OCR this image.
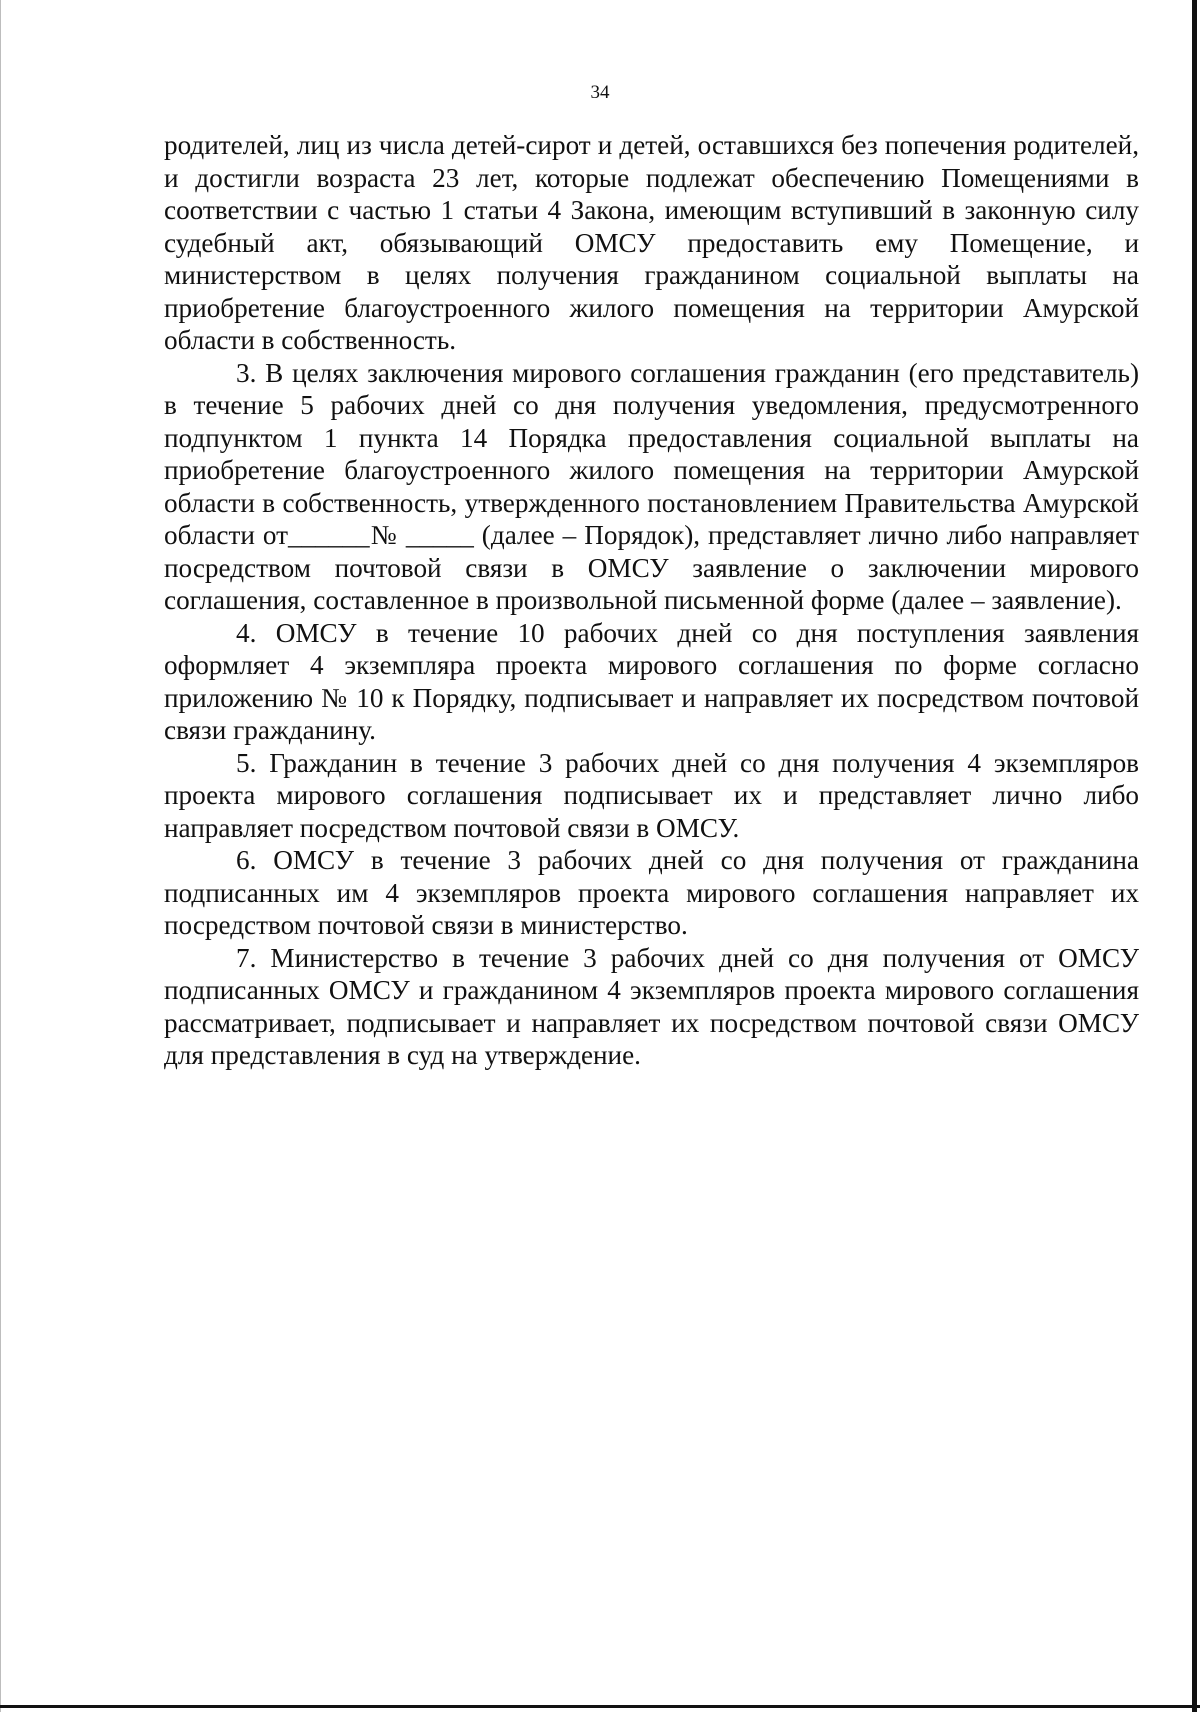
34

родителей, лиц из числа детей-сирот и детей, оставшихся без попечения родителей, и достигли возраста 23 лет, которые подлежат обеспечению Помещениями в соответствии с частью 1 статьи 4 Закона, имеющим вступивший в законную силу судебный акт, обязывающий ОМСУ предоставить ему Помещение, и министерством в целях получения гражданином социальной выплаты на приобретение благоустроенного жилого помещения на территории Амурской области в собственность.

3. В целях заключения мирового соглашения гражданин (его представитель) в течение 5 рабочих дней со дня получения уведомления, предусмотренного подпунктом 1 пункта 14 Порядка предоставления социальной выплаты на приобретение благоустроенного жилого помещения на территории Амурской области в собственность, утвержденного постановлением Правительства Амурской области от______№ _____ (далее – Порядок), представляет лично либо направляет посредством почтовой связи в ОМСУ заявление о заключении мирового соглашения, составленное в произвольной письменной форме (далее – заявление).

4. ОМСУ в течение 10 рабочих дней со дня поступления заявления оформляет 4 экземпляра проекта мирового соглашения по форме согласно приложению № 10 к Порядку, подписывает и направляет их посредством почтовой связи гражданину.

5. Гражданин в течение 3 рабочих дней со дня получения 4 экземпляров проекта мирового соглашения подписывает их и представляет лично либо направляет посредством почтовой связи в ОМСУ.

6. ОМСУ в течение 3 рабочих дней со дня получения от гражданина подписанных им 4 экземпляров проекта мирового соглашения направляет их посредством почтовой связи в министерство.

7. Министерство в течение 3 рабочих дней со дня получения от ОМСУ подписанных ОМСУ и гражданином 4 экземпляров проекта мирового соглашения рассматривает, подписывает и направляет их посредством почтовой связи ОМСУ для представления в суд на утверждение.
